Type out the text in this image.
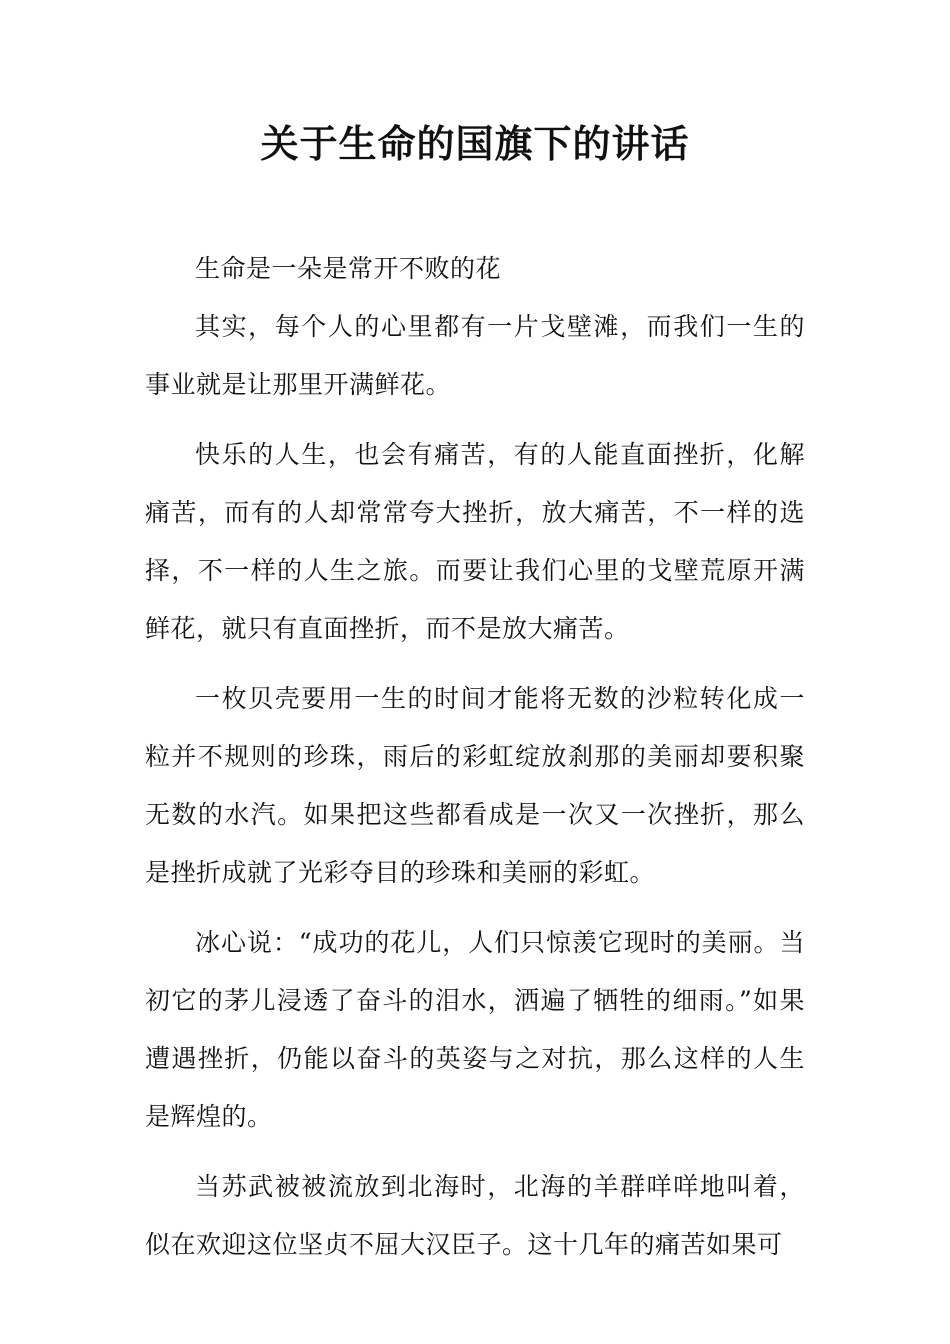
关于生命的国旗下的讲话

生命是一朵是常开不败的花

其实，每个人的心里都有一片戈壁滩，而我们一生的事业就是让那里开满鲜花。

快乐的人生，也会有痛苦，有的人能直面挫折，化解痛苦，而有的人却常常夸大挫折，放大痛苦，不一样的选择，不一样的人生之旅。而要让我们心里的戈壁荒原开满鲜花，就只有直面挫折，而不是放大痛苦。

一枚贝壳要用一生的时间才能将无数的沙粒转化成一粒并不规则的珍珠，雨后的彩虹绽放刹那的美丽却要积聚无数的水汽。如果把这些都看成是一次又一次挫折，那么是挫折成就了光彩夺目的珍珠和美丽的彩虹。

冰心说：“成功的花儿，人们只惊羡它现时的美丽。当初它的茅儿浸透了奋斗的泪水，洒遍了牺牲的细雨。”如果遭遇挫折，仍能以奋斗的英姿与之对抗，那么这样的人生是辉煌的。

当苏武被被流放到北海时，北海的羊群咩咩地叫着，似在欢迎这位坚贞不屈大汉臣子。这十几年的痛苦如果可
